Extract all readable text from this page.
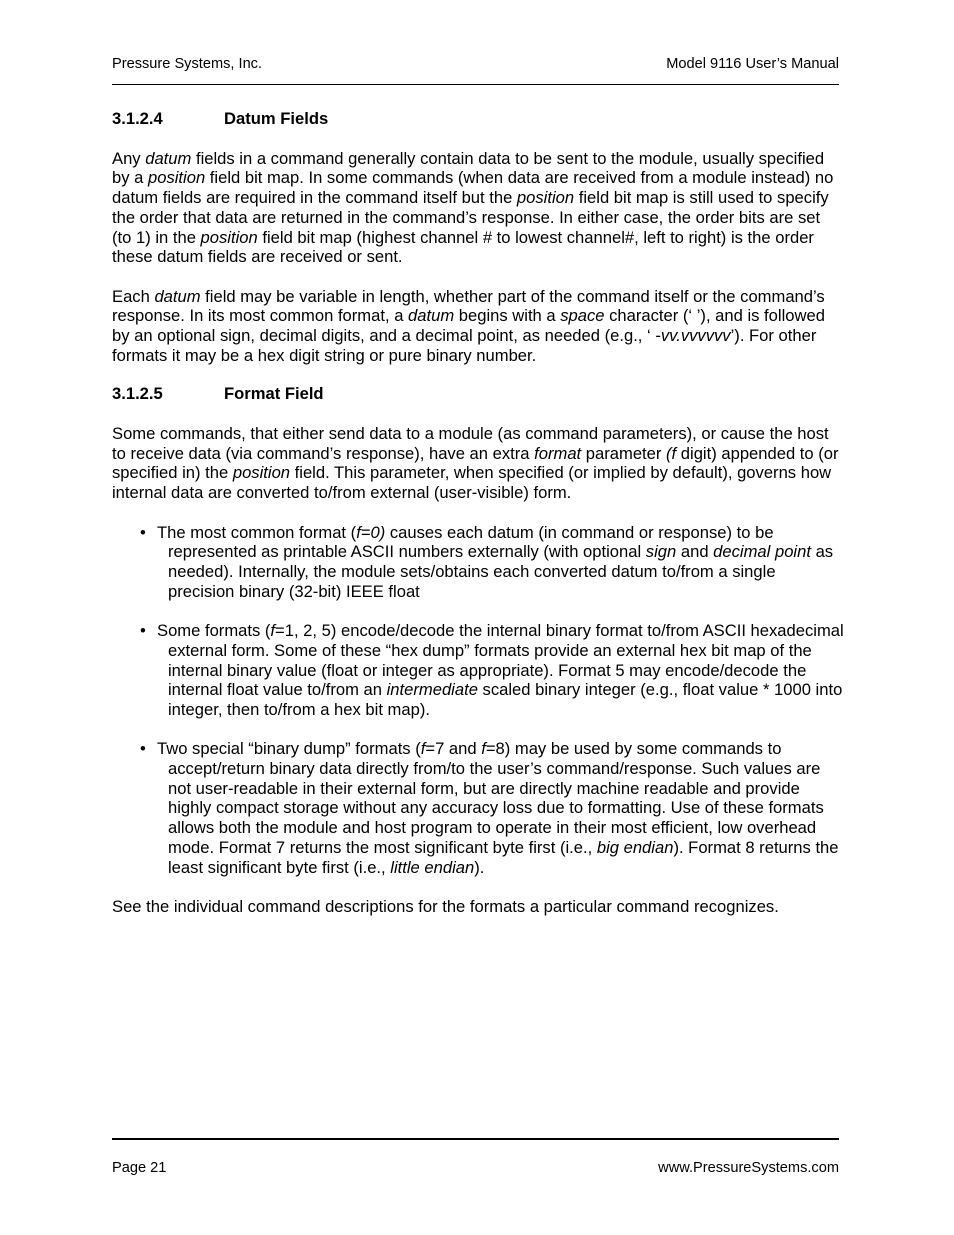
Pressure Systems, Inc.	Model 9116 User’s Manual
3.1.2.4	Datum Fields

Any datum fields in a command generally contain data to be sent to the module, usually specified by a position field bit map. In some commands (when data are received from a module instead) no datum fields are required in the command itself but the position field bit map is still used to specify the order that data are returned in the command’s response. In either case, the order bits are set (to 1) in the position field bit map (highest channel # to lowest channel#, left to right) is the order these datum fields are received or sent.

Each datum field may be variable in length, whether part of the command itself or the command’s response. In its most common format, a datum begins with a space character (‘ ’), and is followed by an optional sign, decimal digits, and a decimal point, as needed (e.g., ‘ -vv.vvvvvv’). For other formats it may be a hex digit string or pure binary number.

3.1.2.5	Format Field

Some commands, that either send data to a module (as command parameters), or cause the host to receive data (via command’s response), have an extra format parameter (f digit) appended to (or specified in) the position field. This parameter, when specified (or implied by default), governs how internal data are converted to/from external (user-visible) form.

• The most common format (f=0) causes each datum (in command or response) to be represented as printable ASCII numbers externally (with optional sign and decimal point as needed). Internally, the module sets/obtains each converted datum to/from a single precision binary (32-bit) IEEE float
• Some formats (f=1, 2, 5) encode/decode the internal binary format to/from ASCII hexadecimal external form. Some of these “hex dump” formats provide an external hex bit map of the internal binary value (float or integer as appropriate). Format 5 may encode/decode the internal float value to/from an intermediate scaled binary integer (e.g., float value * 1000 into integer, then to/from a hex bit map).
• Two special “binary dump” formats (f=7 and f=8) may be used by some commands to accept/return binary data directly from/to the user’s command/response. Such values are not user-readable in their external form, but are directly machine readable and provide highly compact storage without any accuracy loss due to formatting. Use of these formats allows both the module and host program to operate in their most efficient, low overhead mode. Format 7 returns the most significant byte first (i.e., big endian). Format 8 returns the least significant byte first (i.e., little endian).

See the individual command descriptions for the formats a particular command recognizes.

Page 21	www.PressureSystems.com
